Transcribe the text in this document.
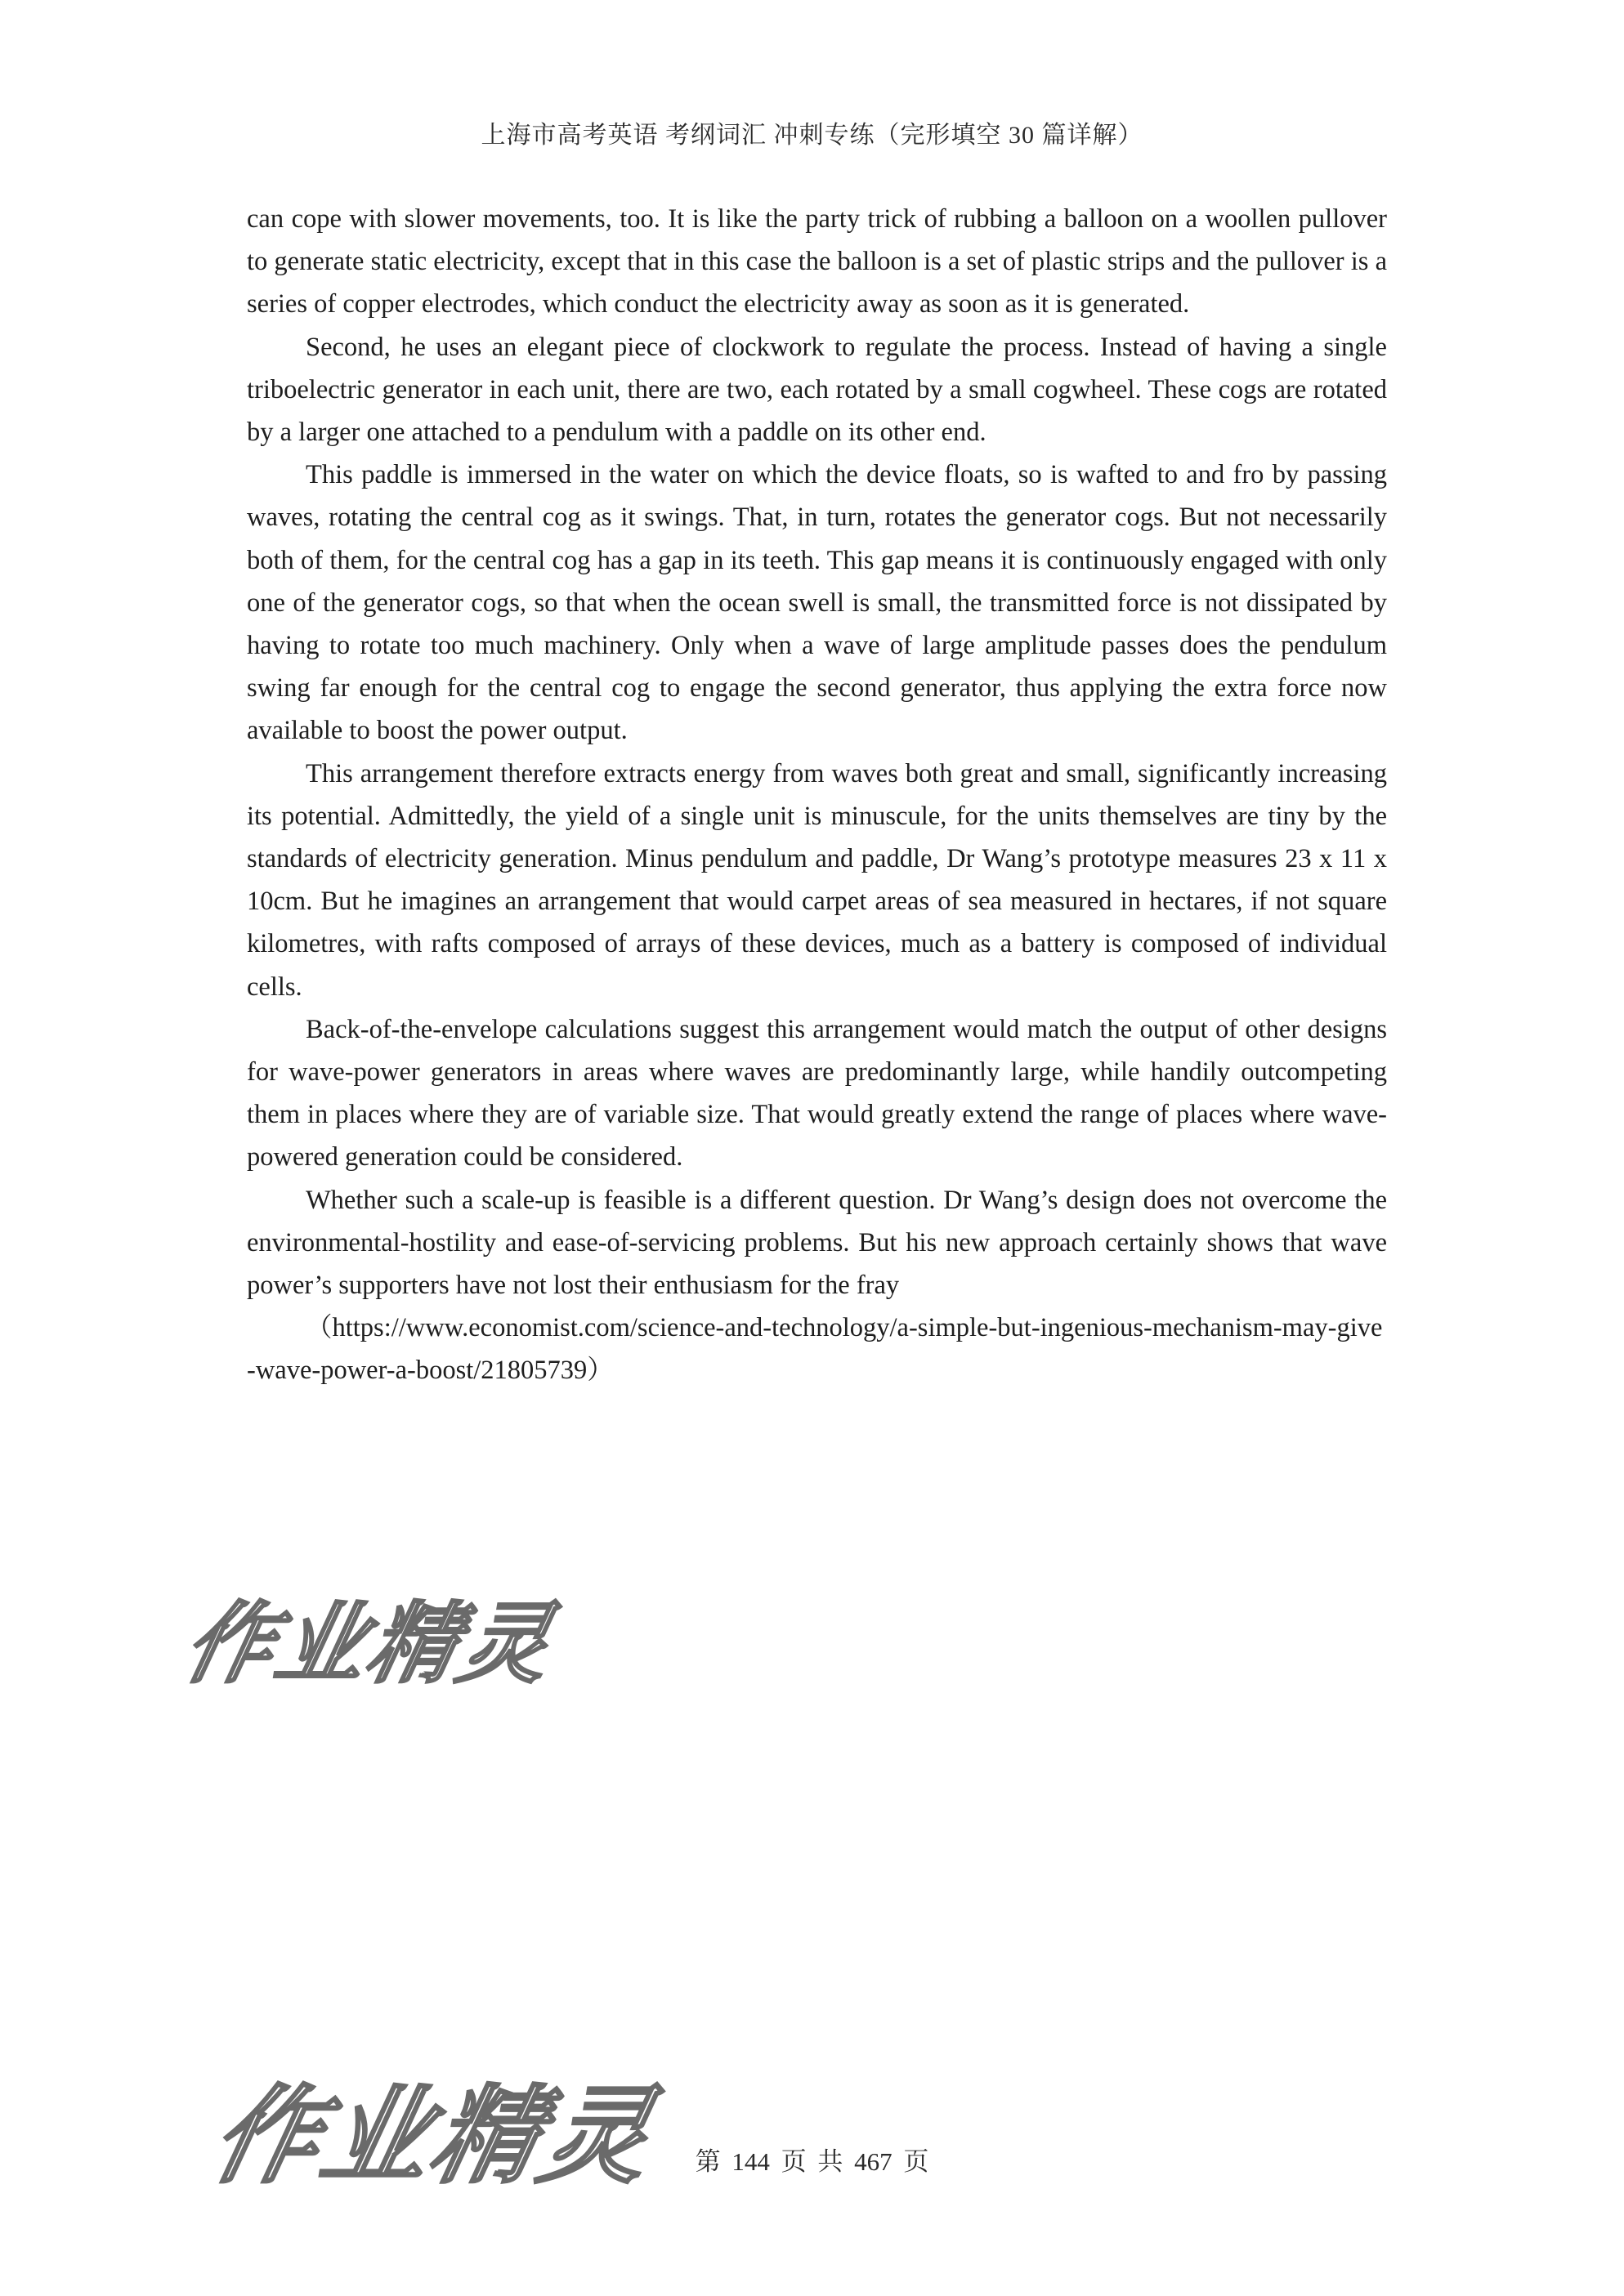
上海市高考英语 考纲词汇 冲刺专练（完形填空 30 篇详解）

can cope with slower movements, too. It is like the party trick of rubbing a balloon on a woollen pullover to generate static electricity, except that in this case the balloon is a set of plastic strips and the pullover is a series of copper electrodes, which conduct the electricity away as soon as it is generated.

Second, he uses an elegant piece of clockwork to regulate the process. Instead of having a single triboelectric generator in each unit, there are two, each rotated by a small cogwheel. These cogs are rotated by a larger one attached to a pendulum with a paddle on its other end.

This paddle is immersed in the water on which the device floats, so is wafted to and fro by passing waves, rotating the central cog as it swings. That, in turn, rotates the generator cogs. But not necessarily both of them, for the central cog has a gap in its teeth. This gap means it is continuously engaged with only one of the generator cogs, so that when the ocean swell is small, the transmitted force is not dissipated by having to rotate too much machinery. Only when a wave of large amplitude passes does the pendulum swing far enough for the central cog to engage the second generator, thus applying the extra force now available to boost the power output.

This arrangement therefore extracts energy from waves both great and small, significantly increasing its potential. Admittedly, the yield of a single unit is minuscule, for the units themselves are tiny by the standards of electricity generation. Minus pendulum and paddle, Dr Wang’s prototype measures 23 x 11 x 10cm. But he imagines an arrangement that would carpet areas of sea measured in hectares, if not square kilometres, with rafts composed of arrays of these devices, much as a battery is composed of individual cells.

Back-of-the-envelope calculations suggest this arrangement would match the output of other designs for wave-power generators in areas where waves are predominantly large, while handily outcompeting them in places where they are of variable size. That would greatly extend the range of places where wave-powered generation could be considered.

Whether such a scale-up is feasible is a different question. Dr Wang’s design does not overcome the environmental-hostility and ease-of-servicing problems. But his new approach certainly shows that wave power’s supporters have not lost their enthusiasm for the fray

（https://www.economist.com/science-and-technology/a-simple-but-ingenious-mechanism-may-give-wave-power-a-boost/21805739）

作业精灵
作业精灵	第 144 页 共 467 页
